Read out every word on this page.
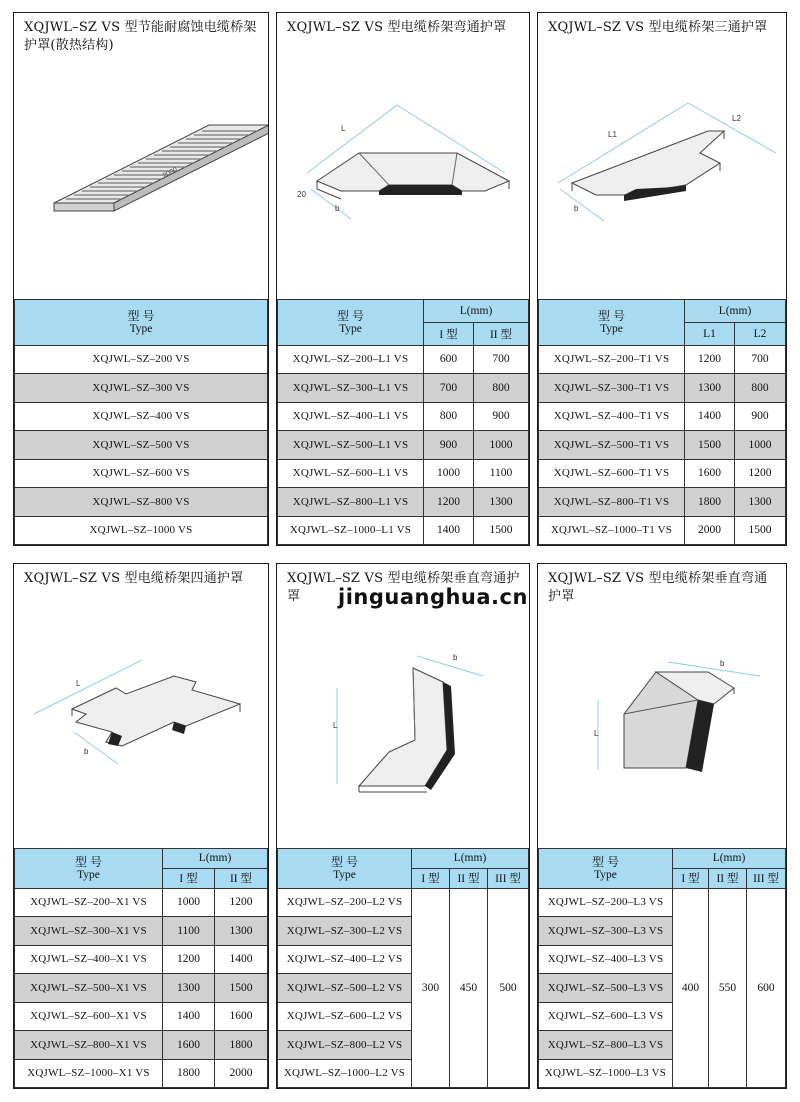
XQJWL–SZ VS 型节能耐腐蚀电缆桥架护罩(散热结构)
2000
型 号
Type

XQJWL–SZ–200 VS
XQJWL–SZ–300 VS
XQJWL–SZ–400 VS
XQJWL–SZ–500 VS
XQJWL–SZ–600 VS
XQJWL–SZ–800 VS
XQJWL–SZ–1000 VS
XQJWL–SZ VS 型电缆桥架弯通护罩
L
20
b
型 号
Type	L(mm)	
	I 型	II 型
XQJWL–SZ–200–L1 VS	600	700
XQJWL–SZ–300–L1 VS	700	800
XQJWL–SZ–400–L1 VS	800	900
XQJWL–SZ–500–L1 VS	900	1000
XQJWL–SZ–600–L1 VS	1000	1100
XQJWL–SZ–800–L1 VS	1200	1300
XQJWL–SZ–1000–L1 VS	1400	1500
XQJWL–SZ VS 型电缆桥架三通护罩
L1
L2
b
型 号
Type	L(mm)	
	L1	L2
XQJWL–SZ–200–T1 VS	1200	700
XQJWL–SZ–300–T1 VS	1300	800
XQJWL–SZ–400–T1 VS	1400	900
XQJWL–SZ–500–T1 VS	1500	1000
XQJWL–SZ–600–T1 VS	1600	1200
XQJWL–SZ–800–T1 VS	1800	1300
XQJWL–SZ–1000–T1 VS	2000	1500
XQJWL–SZ VS 型电缆桥架四通护罩
L
b
型 号
Type	L(mm)	
	I 型	II 型
XQJWL–SZ–200–X1 VS	1000	1200
XQJWL–SZ–300–X1 VS	1100	1300
XQJWL–SZ–400–X1 VS	1200	1400
XQJWL–SZ–500–X1 VS	1300	1500
XQJWL–SZ–600–X1 VS	1400	1600
XQJWL–SZ–800–X1 VS	1600	1800
XQJWL–SZ–1000–X1 VS	1800	2000
XQJWL–SZ VS 型电缆桥架垂直弯通护罩
L
b
型 号
Type	L(mm)		
	I 型	II 型	III 型
XQJWL–SZ–200–L2 VS	300	450	500
XQJWL–SZ–300–L2 VS			
XQJWL–SZ–400–L2 VS			
XQJWL–SZ–500–L2 VS			
XQJWL–SZ–600–L2 VS			
XQJWL–SZ–800–L2 VS			
XQJWL–SZ–1000–L2 VS			
XQJWL–SZ VS 型电缆桥架垂直弯通护罩
L
b
型 号
Type	L(mm)		
	I 型	II 型	III 型
XQJWL–SZ–200–L3 VS	400	550	600
XQJWL–SZ–300–L3 VS			
XQJWL–SZ–400–L3 VS			
XQJWL–SZ–500–L3 VS			
XQJWL–SZ–600–L3 VS			
XQJWL–SZ–800–L3 VS			
XQJWL–SZ–1000–L3 VS			
jinguanghua.cn
